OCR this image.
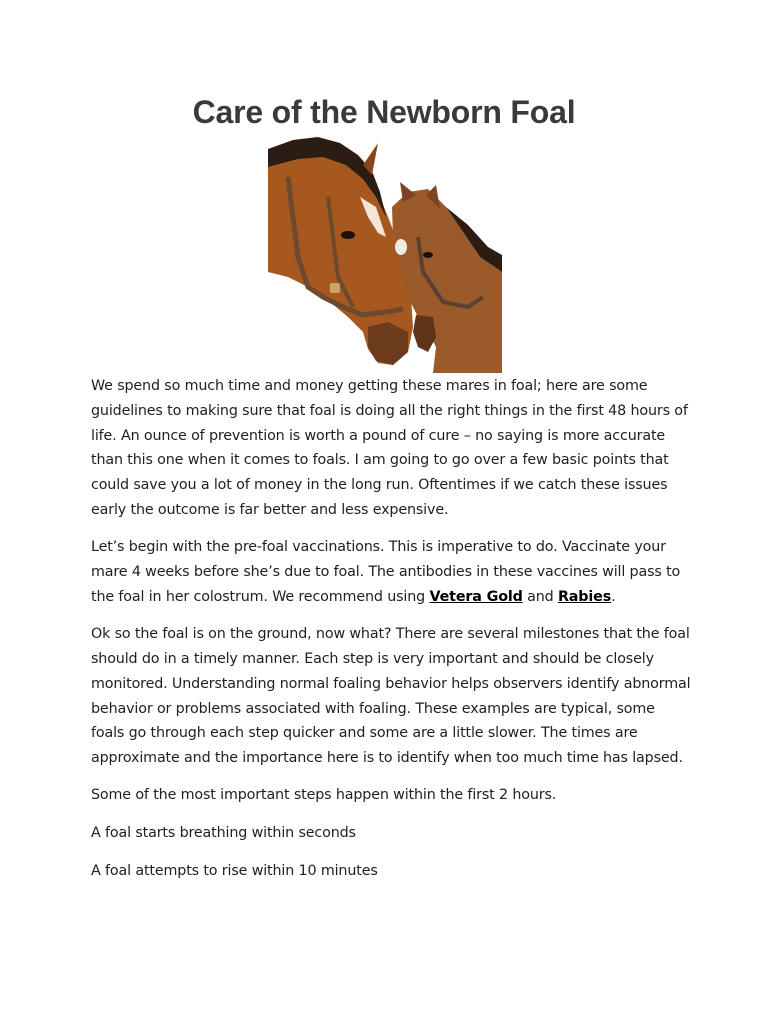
Care of the Newborn Foal

We spend so much time and money getting these mares in foal; here are some guidelines to making sure that foal is doing all the right things in the first 48 hours of life. An ounce of prevention is worth a pound of cure – no saying is more accurate than this one when it comes to foals. I am going to go over a few basic points that could save you a lot of money in the long run. Oftentimes if we catch these issues early the outcome is far better and less expensive.

Let’s begin with the pre-foal vaccinations. This is imperative to do. Vaccinate your mare 4 weeks before she’s due to foal. The antibodies in these vaccines will pass to the foal in her colostrum. We recommend using Vetera Gold and Rabies.

Ok so the foal is on the ground, now what? There are several milestones that the foal should do in a timely manner. Each step is very important and should be closely monitored. Understanding normal foaling behavior helps observers identify abnormal behavior or problems associated with foaling. These examples are typical, some foals go through each step quicker and some are a little slower. The times are approximate and the importance here is to identify when too much time has lapsed.

Some of the most important steps happen within the first 2 hours.

A foal starts breathing within seconds

A foal attempts to rise within 10 minutes
